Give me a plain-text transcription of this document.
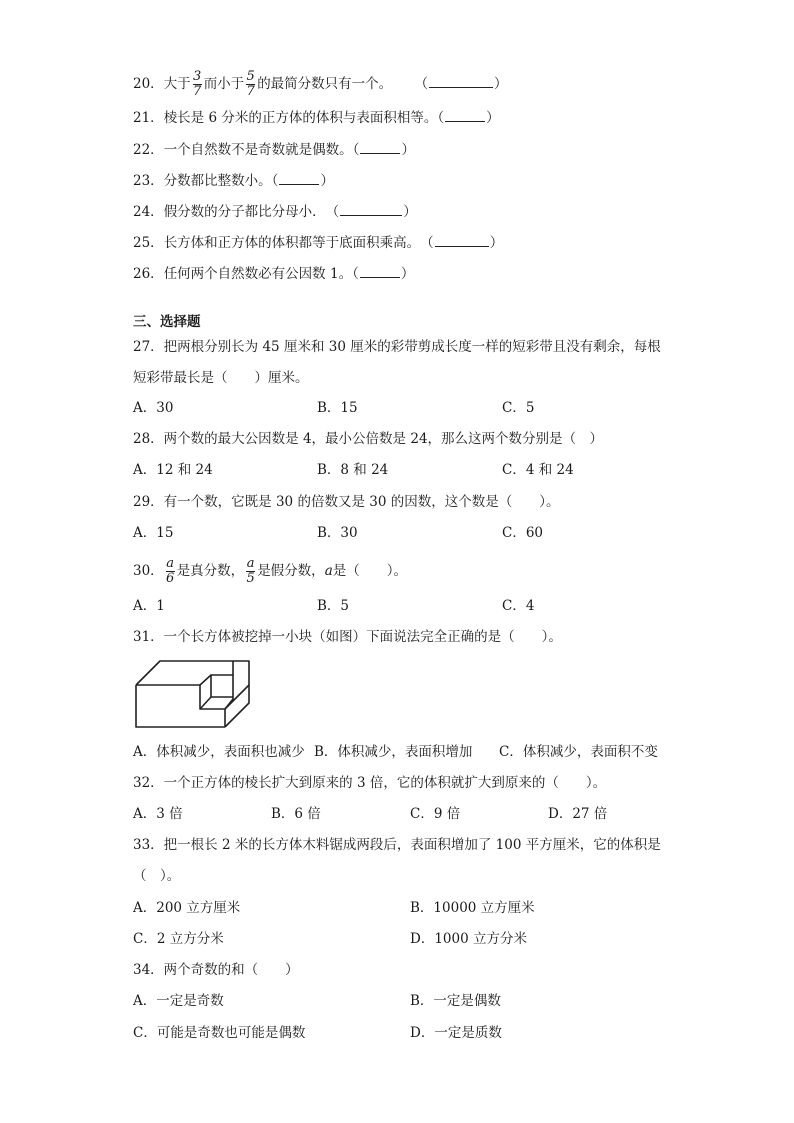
20．大于 $\frac{3}{7}$ 而小于 $\frac{5}{7}$ 的最简分数只有一个。 （	）
21．棱长是 6 分米的正方体的体积与表面积相等。（	）
22．一个自然数不是奇数就是偶数。（	）
23．分数都比整数小。（	）
24．假分数的分子都比分母小．　（	）
25．长方体和正方体的体积都等于底面积乘高。　（	）
26．任何两个自然数必有公因数 1。（	）
三、选择题
27．把两根分别长为 45 厘米和 30 厘米的彩带剪成长度一样的短彩带且没有剩余，每根
短彩带最长是（　　）厘米。
A．30	B．15	C．5
28．两个数的最大公因数是 4，最小公倍数是 24，那么这两个数分别是（　）
A．12 和 24	B．8 和 24	C．4 和 24
29．有一个数，它既是 30 的倍数又是 30 的因数，这个数是（　　）。
A．15	B．30	C．60
30． $\frac{a}{6}$ 是真分数， $\frac{a}{5}$ 是假分数，a是（　　）。
A．1	B．5	C．4
31．一个长方体被挖掉一小块（如图）下面说法完全正确的是（　　）。
A．体积减少，表面积也减少 B．体积减少，表面积增加 C．体积减少，表面积不变
32．一个正方体的棱长扩大到原来的 3 倍，它的体积就扩大到原来的（　　）。
A．3 倍	B．6 倍	C．9 倍	D．27 倍
33．把一根长 2 米的长方体木料锯成两段后，表面积增加了 100 平方厘米，它的体积是
（　）。
A．200 立方厘米	B．10000 立方厘米
C．2 立方分米	D．1000 立方分米
34．两个奇数的和（　　）
A．一定是奇数	B．一定是偶数
C．可能是奇数也可能是偶数	D．一定是质数
